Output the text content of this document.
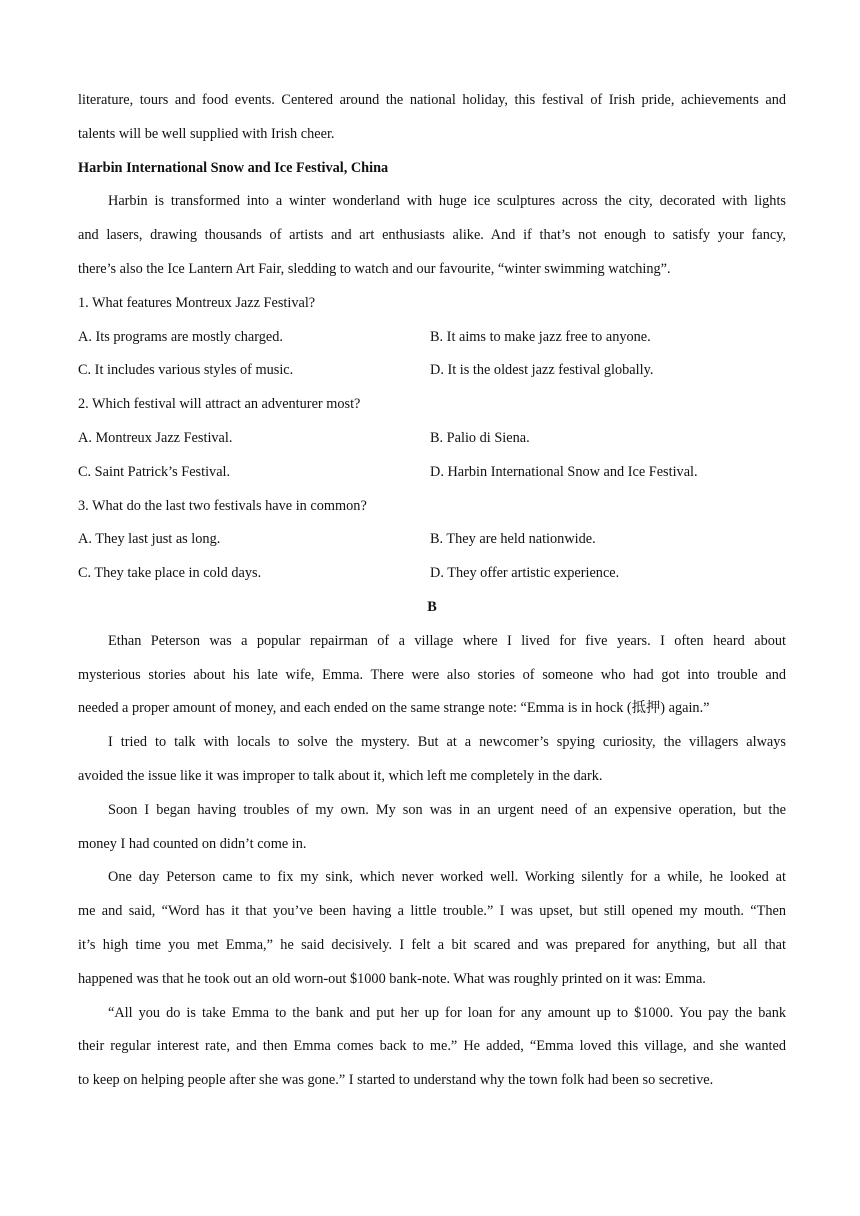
literature, tours and food events. Centered around the national holiday, this festival of Irish pride, achievements and

talents will be well supplied with Irish cheer.

Harbin International Snow and Ice Festival, China

Harbin is transformed into a winter wonderland with huge ice sculptures across the city, decorated with lights

and lasers, drawing thousands of artists and art enthusiasts alike. And if that’s not enough to satisfy your fancy,

there’s also the Ice Lantern Art Fair, sledding to watch and our favourite, “winter swimming watching”.

1. What features Montreux Jazz Festival?

A. Its programs are mostly charged.	B. It aims to make jazz free to anyone.
C. It includes various styles of music.	D. It is the oldest jazz festival globally.

2. Which festival will attract an adventurer most?

A. Montreux Jazz Festival.	B. Palio di Siena.
C. Saint Patrick’s Festival.	D. Harbin International Snow and Ice Festival.

3. What do the last two festivals have in common?

A. They last just as long.	B. They are held nationwide.
C. They take place in cold days.	D. They offer artistic experience.

B

Ethan Peterson was a popular repairman of a village where I lived for five years. I often heard about

mysterious stories about his late wife, Emma. There were also stories of someone who had got into trouble and

needed a proper amount of money, and each ended on the same strange note: “Emma is in hock (抵押) again.”

I tried to talk with locals to solve the mystery. But at a newcomer’s spying curiosity, the villagers always

avoided the issue like it was improper to talk about it, which left me completely in the dark.

Soon I began having troubles of my own. My son was in an urgent need of an expensive operation, but the

money I had counted on didn’t come in.

One day Peterson came to fix my sink, which never worked well. Working silently for a while, he looked at

me and said, “Word has it that you’ve been having a little trouble.” I was upset, but still opened my mouth. “Then

it’s high time you met Emma,” he said decisively. I felt a bit scared and was prepared for anything, but all that

happened was that he took out an old worn-out $1000 bank-note. What was roughly printed on it was: Emma.

“All you do is take Emma to the bank and put her up for loan for any amount up to $1000. You pay the bank

their regular interest rate, and then Emma comes back to me.” He added, “Emma loved this village, and she wanted

to keep on helping people after she was gone.” I started to understand why the town folk had been so secretive.
